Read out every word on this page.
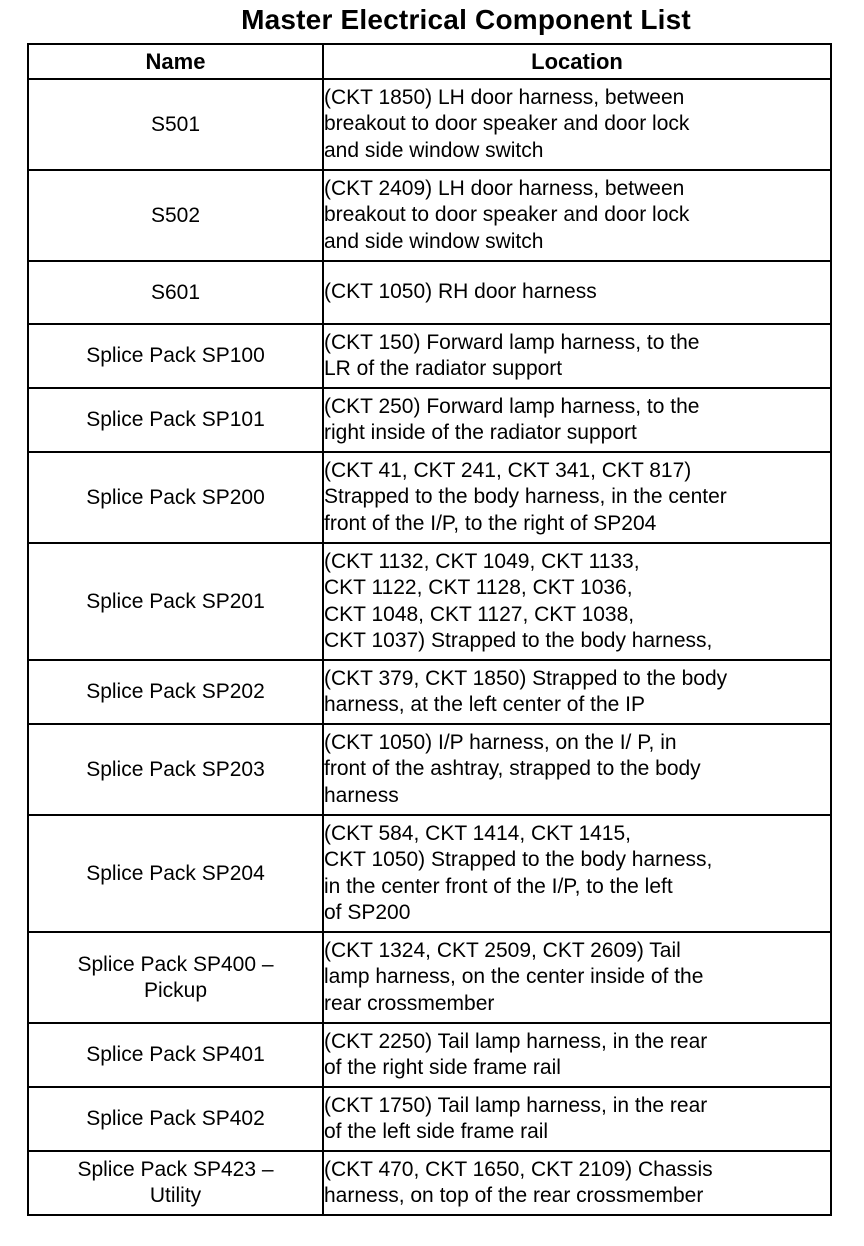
Master Electrical Component List
Name	Location

S501	(CKT 1850) LH door harness, between
breakout to door speaker and door lock
and side window switch

S502	(CKT 2409) LH door harness, between
breakout to door speaker and door lock
and side window switch

S601	(CKT 1050) RH door harness

Splice Pack SP100	(CKT 150) Forward lamp harness, to the
LR of the radiator support

Splice Pack SP101	(CKT 250) Forward lamp harness, to the
right inside of the radiator support

Splice Pack SP200	(CKT 41, CKT 241, CKT 341, CKT 817)
Strapped to the body harness, in the center
front of the I/P, to the right of SP204

Splice Pack SP201	(CKT 1132, CKT 1049, CKT 1133,
CKT 1122, CKT 1128, CKT 1036,
CKT 1048, CKT 1127, CKT 1038,
CKT 1037) Strapped to the body harness,

Splice Pack SP202	(CKT 379, CKT 1850) Strapped to the body
harness, at the left center of the IP

Splice Pack SP203	(CKT 1050) I/P harness, on the I/ P, in
front of the ashtray, strapped to the body
harness

Splice Pack SP204	(CKT 584, CKT 1414, CKT 1415,
CKT 1050) Strapped to the body harness,
in the center front of the I/P, to the left
of SP200

Splice Pack SP400 –
Pickup	(CKT 1324, CKT 2509, CKT 2609) Tail
lamp harness, on the center inside of the
rear crossmember

Splice Pack SP401	(CKT 2250) Tail lamp harness, in the rear
of the right side frame rail

Splice Pack SP402	(CKT 1750) Tail lamp harness, in the rear
of the left side frame rail

Splice Pack SP423 –
Utility	(CKT 470, CKT 1650, CKT 2109) Chassis
harness, on top of the rear crossmember
